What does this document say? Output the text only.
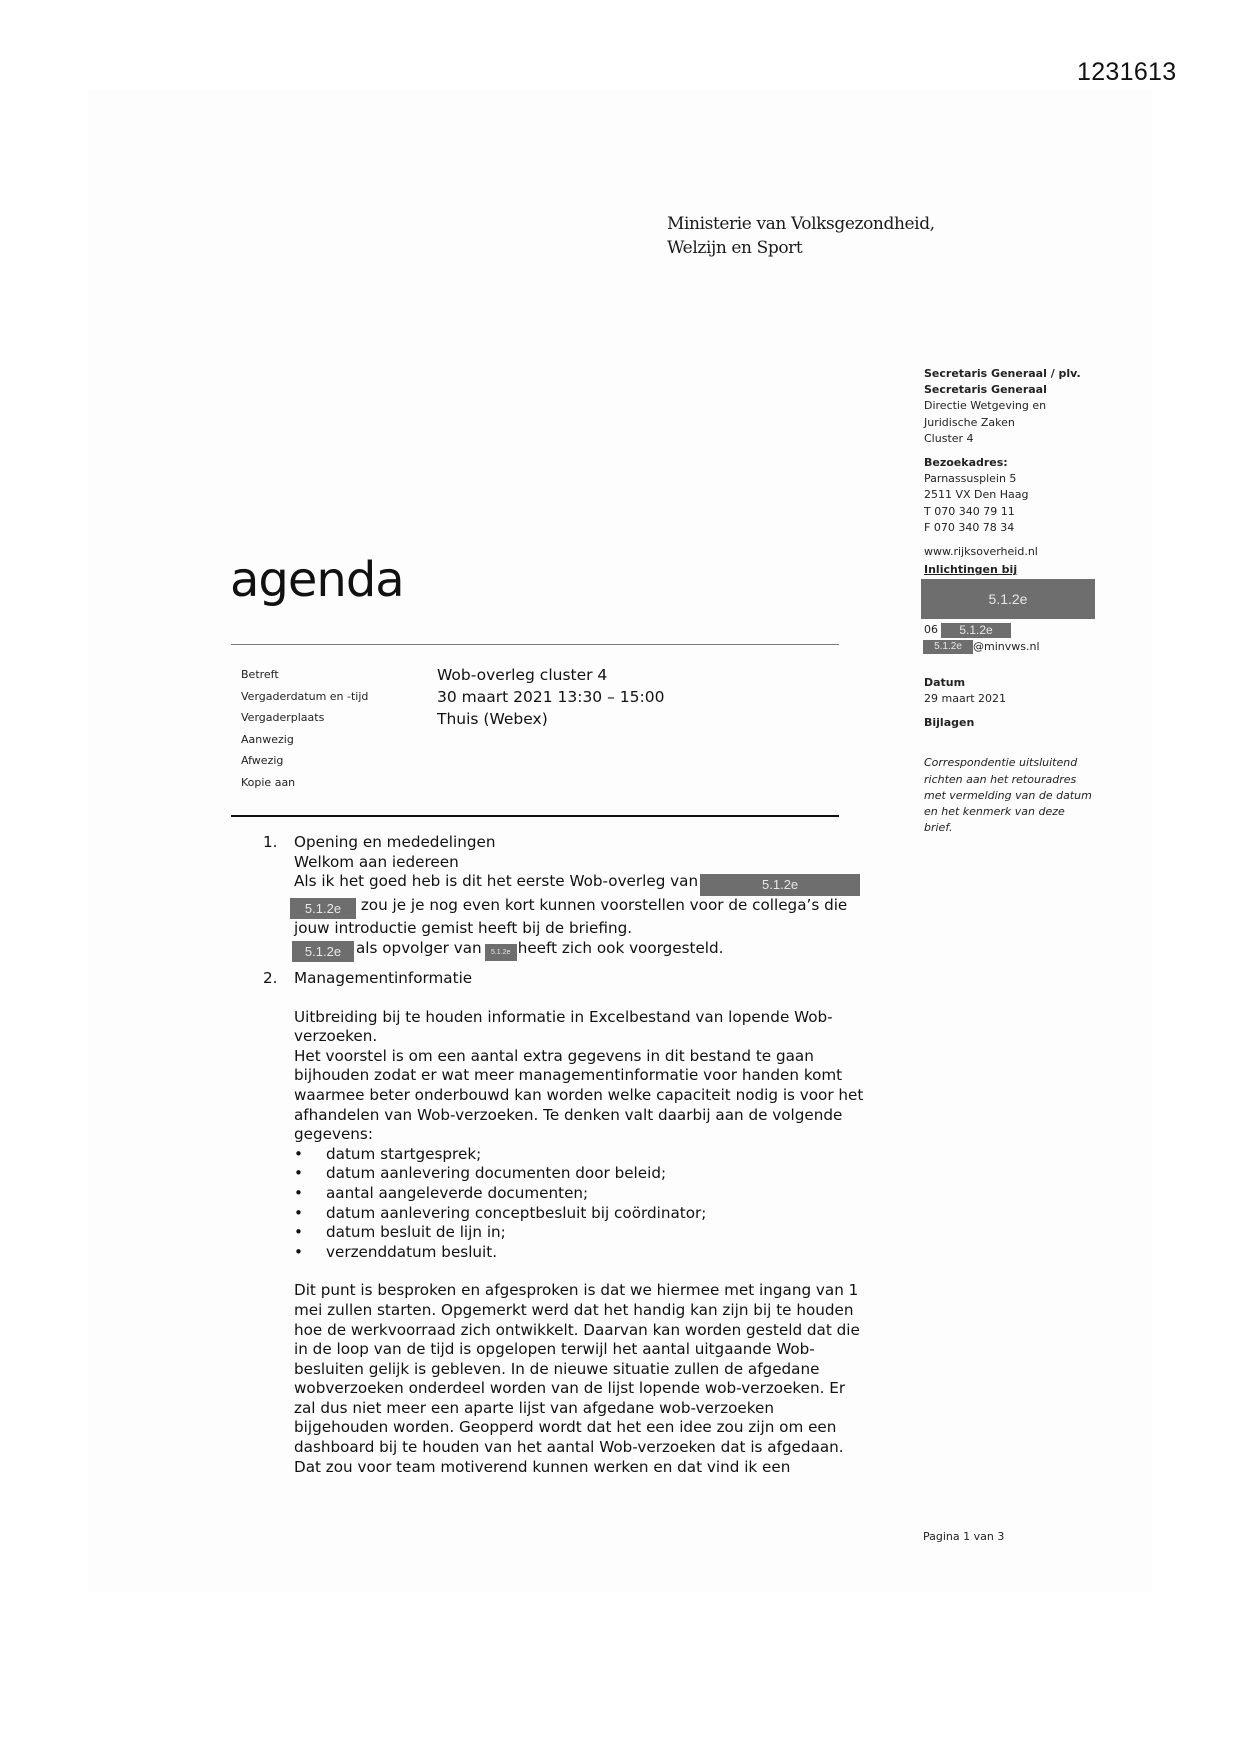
1231613
Ministerie van Volksgezondheid,
Welzijn en Sport
Secretaris Generaal / plv.
Secretaris Generaal
Directie Wetgeving en
Juridische Zaken
Cluster 4
Bezoekadres:
Parnassusplein 5
2511 VX Den Haag
T 070 340 79 11
F 070 340 78 34
www.rijksoverheid.nl
Inlichtingen bij
5.1.2e
06 5.1.2e
5.1.2e @minvws.nl
Datum
29 maart 2021
Bijlagen
Correspondentie uitsluitend
richten aan het retouradres
met vermelding van de datum
en het kenmerk van deze
brief.
agenda
Betreft
Vergaderdatum en -tijd
Vergaderplaats
Aanwezig
Afwezig
Kopie aan
Wob-overleg cluster 4
30 maart 2021 13:30 – 15:00
Thuis (Webex)
1. Opening en mededelingen
Welkom aan iedereen
Als ik het goed heb is dit het eerste Wob-overleg van	5.1.2e
5.1.2e zou je je nog even kort kunnen voorstellen voor de collega’s die
jouw introductie gemist heeft bij de briefing.
5.1.2e als opvolger van 5.1.2e heeft zich ook voorgesteld.
2. Managementinformatie
Uitbreiding bij te houden informatie in Excelbestand van lopende Wob-
verzoeken.
Het voorstel is om een aantal extra gegevens in dit bestand te gaan
bijhouden zodat er wat meer managementinformatie voor handen komt
waarmee beter onderbouwd kan worden welke capaciteit nodig is voor het
afhandelen van Wob-verzoeken. Te denken valt daarbij aan de volgende
gegevens:
• datum startgesprek;
• datum aanlevering documenten door beleid;
• aantal aangeleverde documenten;
• datum aanlevering conceptbesluit bij coördinator;
• datum besluit de lijn in;
• verzenddatum besluit.
Dit punt is besproken en afgesproken is dat we hiermee met ingang van 1
mei zullen starten. Opgemerkt werd dat het handig kan zijn bij te houden
hoe de werkvoorraad zich ontwikkelt. Daarvan kan worden gesteld dat die
in de loop van de tijd is opgelopen terwijl het aantal uitgaande Wob-
besluiten gelijk is gebleven. In de nieuwe situatie zullen de afgedane
wobverzoeken onderdeel worden van de lijst lopende wob-verzoeken. Er
zal dus niet meer een aparte lijst van afgedane wob-verzoeken
bijgehouden worden. Geopperd wordt dat het een idee zou zijn om een
dashboard bij te houden van het aantal Wob-verzoeken dat is afgedaan.
Dat zou voor team motiverend kunnen werken en dat vind ik een
Pagina 1 van 3
